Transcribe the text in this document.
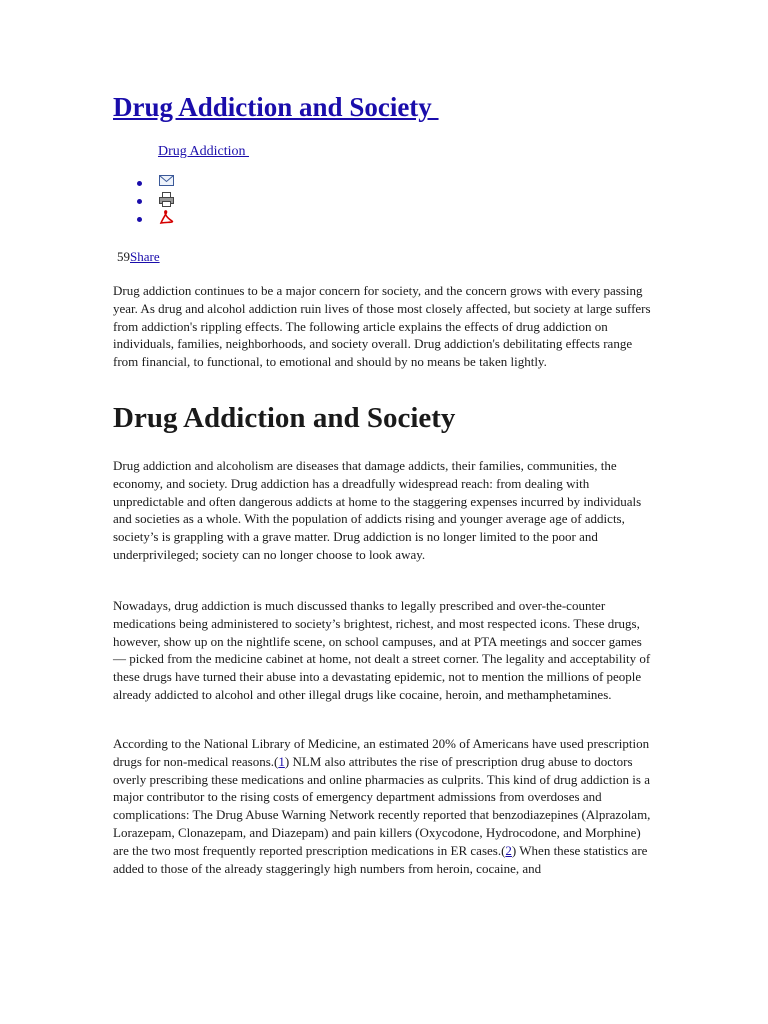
Drug Addiction and Society
Drug Addiction
59Share

Drug addiction continues to be a major concern for society, and the concern grows with every passing year. As drug and alcohol addiction ruin lives of those most closely affected, but society at large suffers from addiction's rippling effects. The following article explains the effects of drug addiction on individuals, families, neighborhoods, and society overall. Drug addiction's debilitating effects range from financial, to functional, to emotional and should by no means be taken lightly.

Drug Addiction and Society

Drug addiction and alcoholism are diseases that damage addicts, their families, communities, the economy, and society. Drug addiction has a dreadfully widespread reach: from dealing with unpredictable and often dangerous addicts at home to the staggering expenses incurred by individuals and societies as a whole. With the population of addicts rising and younger average age of addicts, society’s is grappling with a grave matter. Drug addiction is no longer limited to the poor and underprivileged; society can no longer choose to look away.

Nowadays, drug addiction is much discussed thanks to legally prescribed and over-the-counter medications being administered to society’s brightest, richest, and most respected icons. These drugs, however, show up on the nightlife scene, on school campuses, and at PTA meetings and soccer games — picked from the medicine cabinet at home, not dealt a street corner. The legality and acceptability of these drugs have turned their abuse into a devastating epidemic, not to mention the millions of people already addicted to alcohol and other illegal drugs like cocaine, heroin, and methamphetamines.

According to the National Library of Medicine, an estimated 20% of Americans have used prescription drugs for non-medical reasons.(1) NLM also attributes the rise of prescription drug abuse to doctors overly prescribing these medications and online pharmacies as culprits. This kind of drug addiction is a major contributor to the rising costs of emergency department admissions from overdoses and complications: The Drug Abuse Warning Network recently reported that benzodiazepines (Alprazolam, Lorazepam, Clonazepam, and Diazepam) and pain killers (Oxycodone, Hydrocodone, and Morphine) are the two most frequently reported prescription medications in ER cases.(2) When these statistics are added to those of the already staggeringly high numbers from heroin, cocaine, and
